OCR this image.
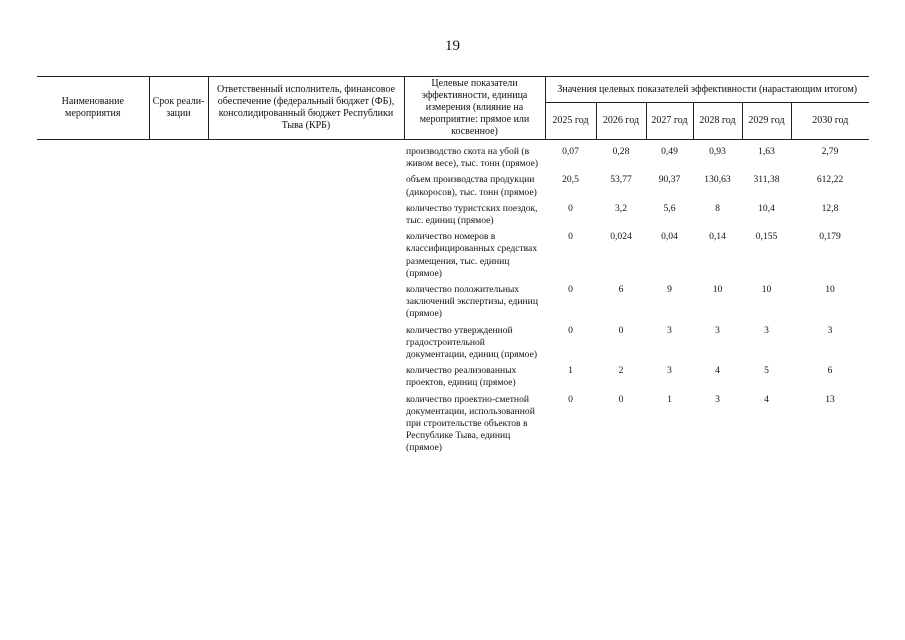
19
Наименование мероприятия	Срок реали-зации	Ответственный исполнитель, финансовое обеспечение (федеральный бюджет (ФБ), консолидированный бюджет Республики Тыва (КРБ)	Целевые показатели эффективности, единица измерения (влияние на мероприятие: прямое или косвенное)	Значения целевых показателей эффективности (нарастающим итогом)					
				2025 год	2026 год	2027 год	2028 год	2029 год	2030 год

			производство скота на убой (в живом весе), тыс. тонн (прямое)	0,07	0,28	0,49	0,93	1,63	2,79
			объем производства продукции (дикоросов), тыс. тонн (прямое)	20,5	53,77	90,37	130,63	311,38	612,22
			количество туристских поездок, тыс. единиц (прямое)	0	3,2	5,6	8	10,4	12,8
			количество номеров в классифицированных средствах размещения, тыс. единиц (прямое)	0	0,024	0,04	0,14	0,155	0,179
			количество положительных заключений экспертизы, единиц (прямое)	0	6	9	10	10	10
			количество утвержденной градостроительной документации, единиц (прямое)	0	0	3	3	3	3
			количество реализованных проектов, единиц (прямое)	1	2	3	4	5	6
			количество проектно-сметной документации, использованной при строительстве объектов в Республике Тыва, единиц (прямое)	0	0	1	3	4	13
